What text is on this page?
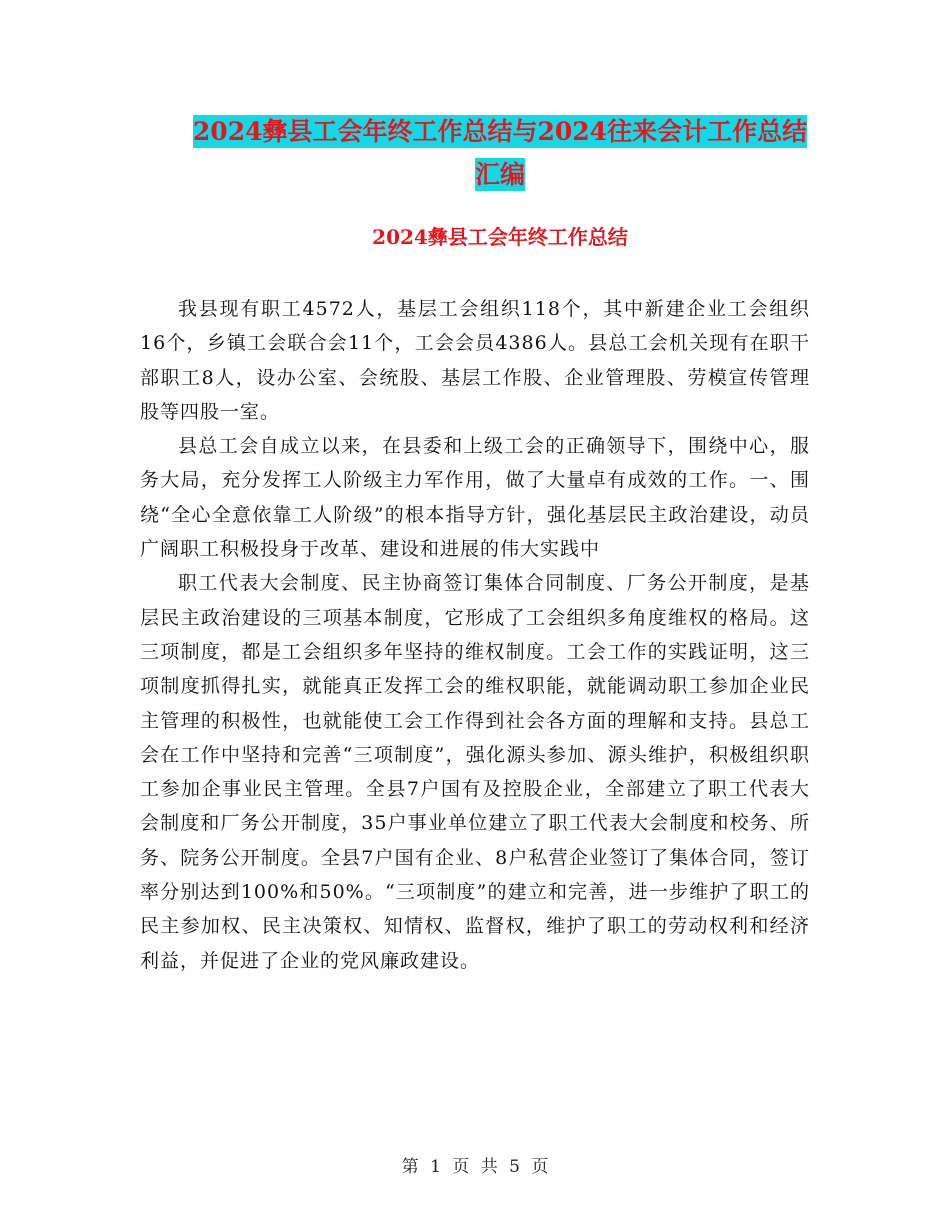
2024彝县工会年终工作总结与2024往来会计工作总结
汇编
2024彝县工会年终工作总结

我县现有职工4572人，基层工会组织118个，其中新建企业工会组织16个，乡镇工会联合会11个，工会会员4386人。县总工会机关现有在职干部职工8人，设办公室、会统股、基层工作股、企业管理股、劳模宣传管理股等四股一室。

县总工会自成立以来，在县委和上级工会的正确领导下，围绕中心，服务大局，充分发挥工人阶级主力军作用，做了大量卓有成效的工作。一、围绕“全心全意依靠工人阶级”的根本指导方针，强化基层民主政治建设，动员广阔职工积极投身于改革、建设和进展的伟大实践中

职工代表大会制度、民主协商签订集体合同制度、厂务公开制度，是基层民主政治建设的三项基本制度，它形成了工会组织多角度维权的格局。这三项制度，都是工会组织多年坚持的维权制度。工会工作的实践证明，这三项制度抓得扎实，就能真正发挥工会的维权职能，就能调动职工参加企业民主管理的积极性，也就能使工会工作得到社会各方面的理解和支持。县总工会在工作中坚持和完善“三项制度”，强化源头参加、源头维护，积极组织职工参加企事业民主管理。全县7户国有及控股企业，全部建立了职工代表大会制度和厂务公开制度，35户事业单位建立了职工代表大会制度和校务、所务、院务公开制度。全县7户国有企业、8户私营企业签订了集体合同，签订率分别达到100%和50%。“三项制度”的建立和完善，进一步维护了职工的民主参加权、民主决策权、知情权、监督权，维护了职工的劳动权利和经济利益，并促进了企业的党风廉政建设。

第 1 页 共 5 页
